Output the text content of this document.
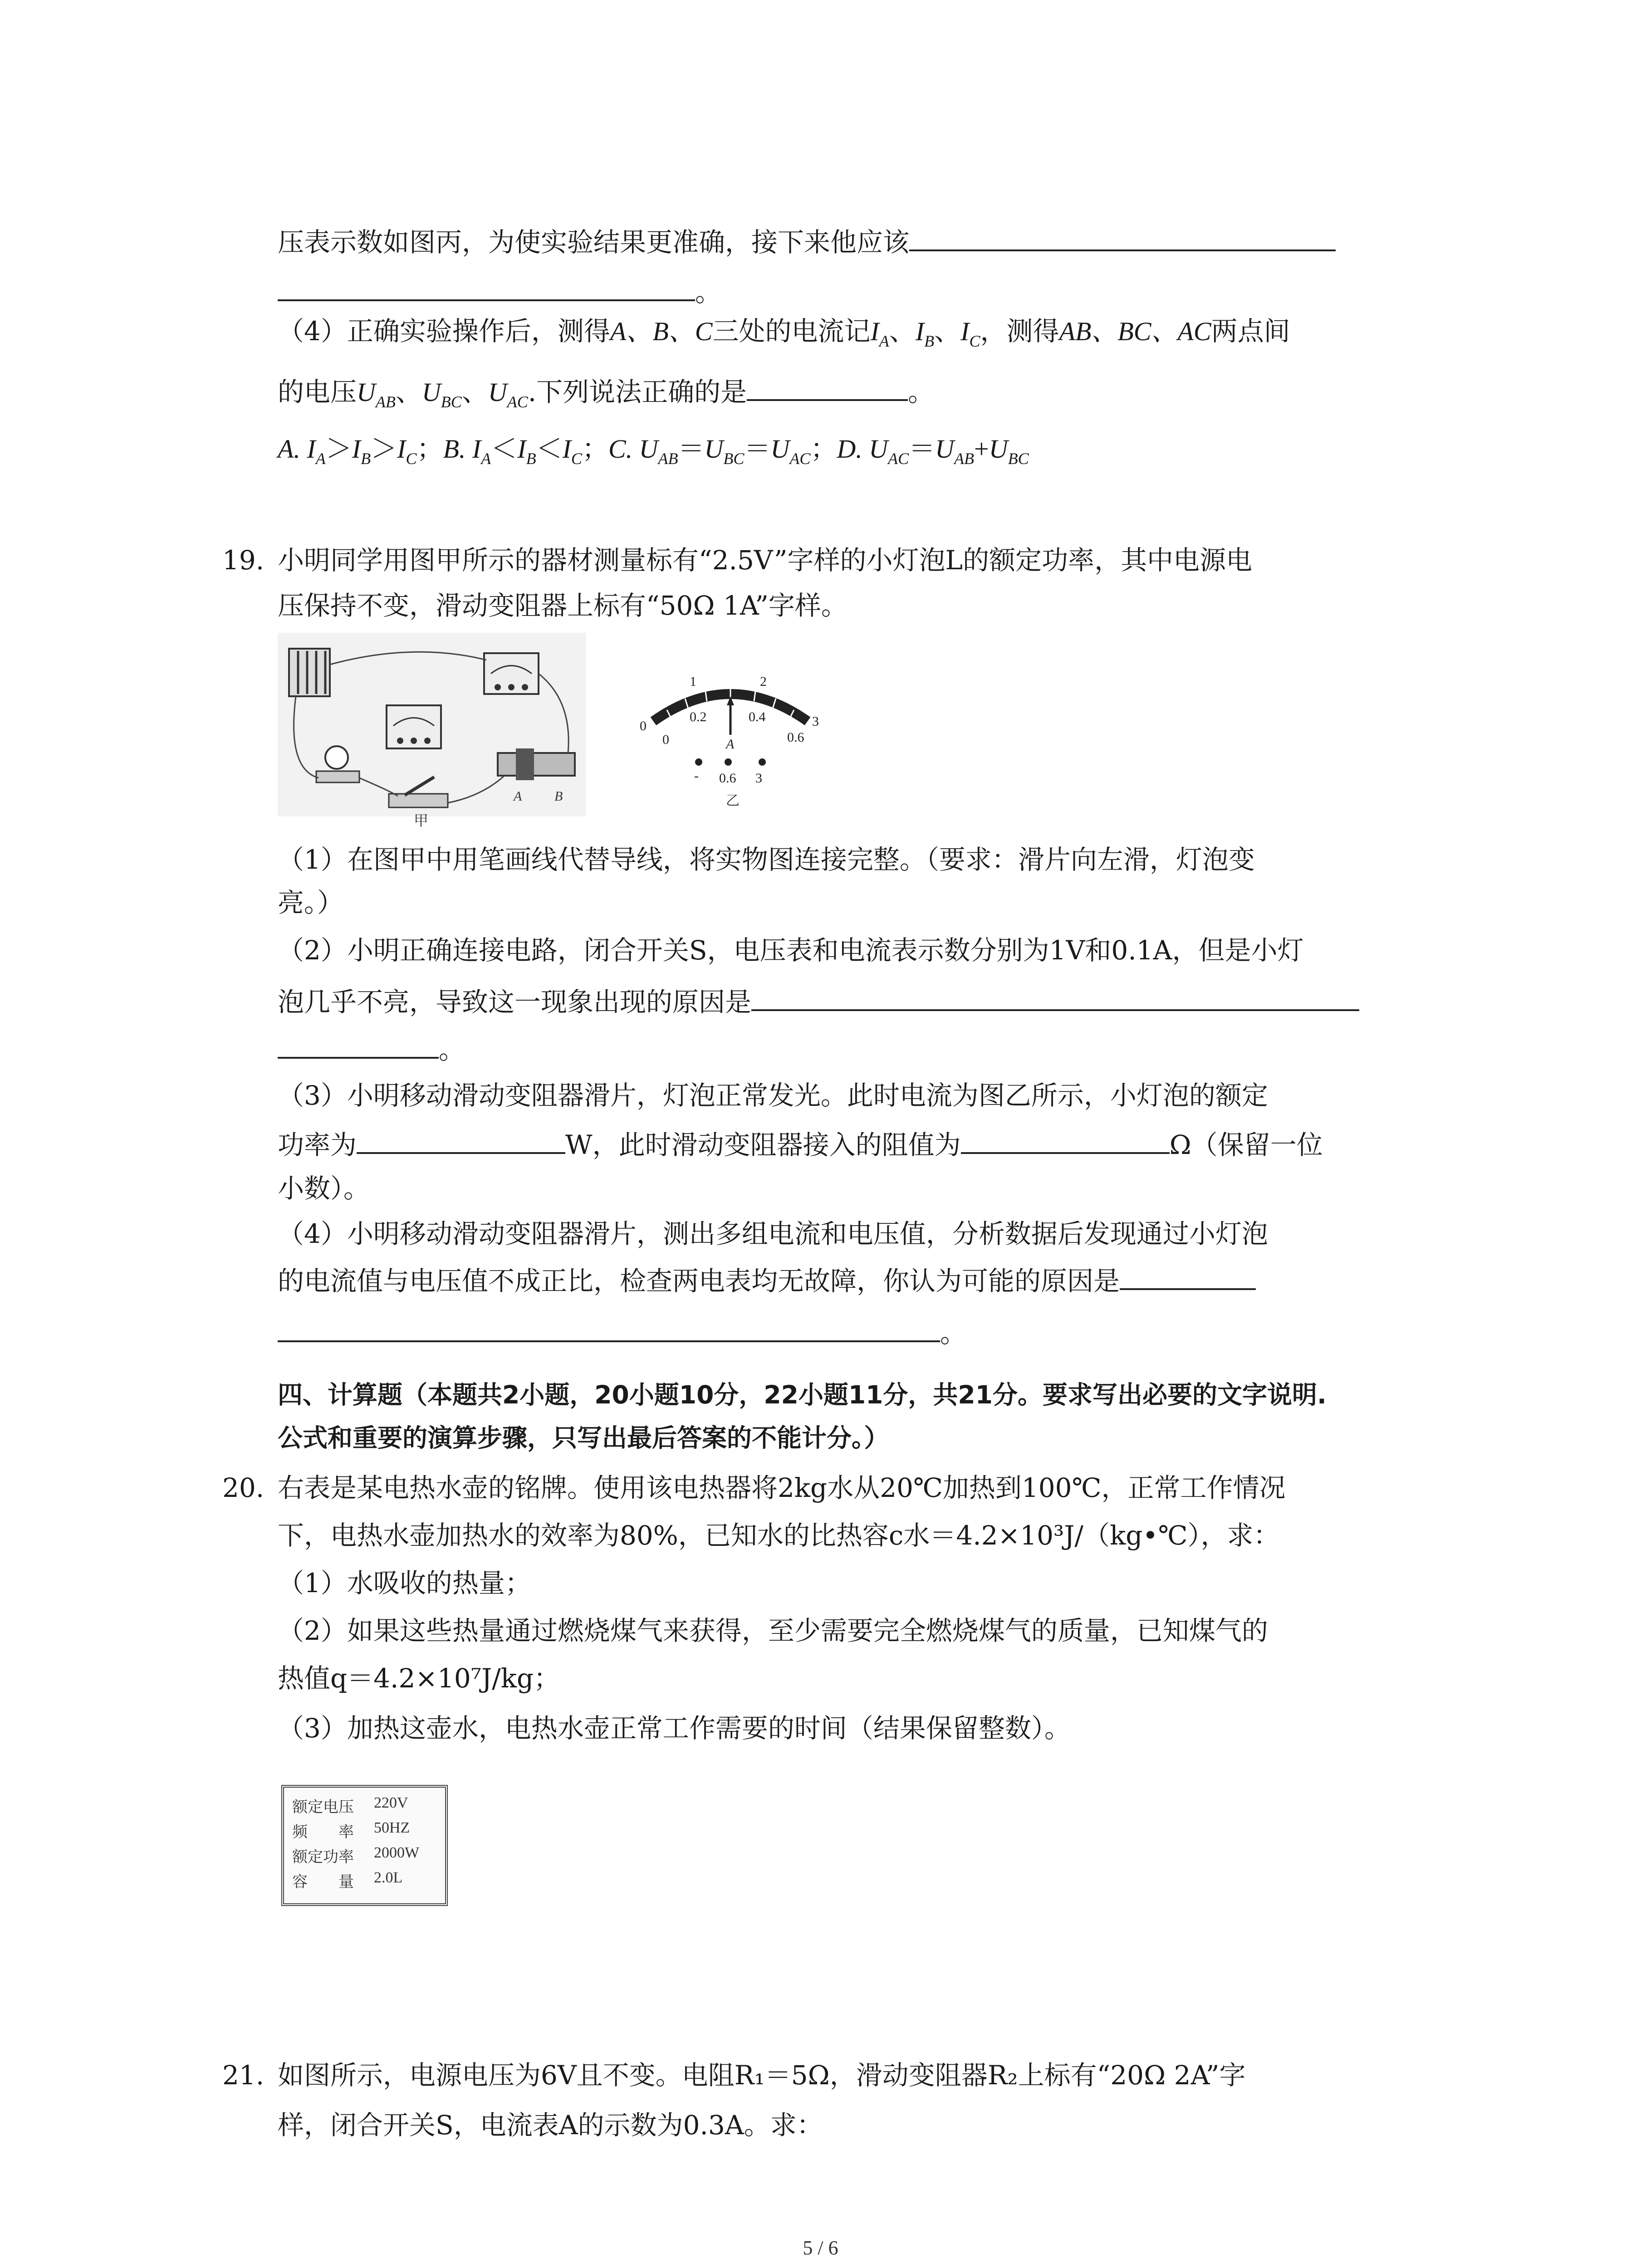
压表示数如图丙，为使实验结果更准确，接下来他应该
。
（4）正确实验操作后，测得A、B、C三处的电流记$I_A$、$I_B$、$I_C$，测得AB、BC、AC两点间
的电压$U_{AB}$、$U_{BC}$、$U_{AC}$.下列说法正确的是	。
A. $I_A>I_B>I_C$；B. $I_A<I_B<I_C$；C. $U_{AB}=U_{BC}=U_{AC}$；D. $U_{AC}=U_{AB}+U_{BC}$
19. 小明同学用图甲所示的器材测量标有“2.5V”字样的小灯泡L的额定功率，其中电源电
压保持不变，滑动变阻器上标有“50Ω 1A”字样。
A B
甲
0
1	2
3
0.2	0.4
0	0.6
- 0.6 3
A
乙
（1）在图甲中用笔画线代替导线，将实物图连接完整。（要求：滑片向左滑，灯泡变
亮。）
（2）小明正确连接电路，闭合开关S，电压表和电流表示数分别为1V和0.1A，但是小灯
泡几乎不亮，导致这一现象出现的原因是
。
（3）小明移动滑动变阻器滑片，灯泡正常发光。此时电流为图乙所示，小灯泡的额定
功率为	W，此时滑动变阻器接入的阻值为	Ω（保留一位
小数）。
（4）小明移动滑动变阻器滑片，测出多组电流和电压值，分析数据后发现通过小灯泡
的电流值与电压值不成正比，检查两电表均无故障，你认为可能的原因是
。
四、计算题（本题共2小题，20小题10分，22小题11分，共21分。要求写出必要的文字说明.
公式和重要的演算步骤，只写出最后答案的不能计分。）
20. 右表是某电热水壶的铭牌。使用该电热器将2kg水从20℃加热到100℃，正常工作情况
下，电热水壶加热水的效率为80%，已知水的比热容c水＝4.2×10³J/（kg•℃），求：
（1）水吸收的热量；
（2）如果这些热量通过燃烧煤气来获得，至少需要完全燃烧煤气的质量，已知煤气的
热值q＝4.2×10⁷J/kg；
（3）加热这壶水，电热水壶正常工作需要的时间（结果保留整数）。
额定电压 220V
频　　率 50HZ
额定功率 2000W
容　　量 2.0L
21. 如图所示，电源电压为6V且不变。电阻R₁＝5Ω，滑动变阻器R₂上标有“20Ω 2A”字
样，闭合开关S，电流表A的示数为0.3A。求：
5 / 6
